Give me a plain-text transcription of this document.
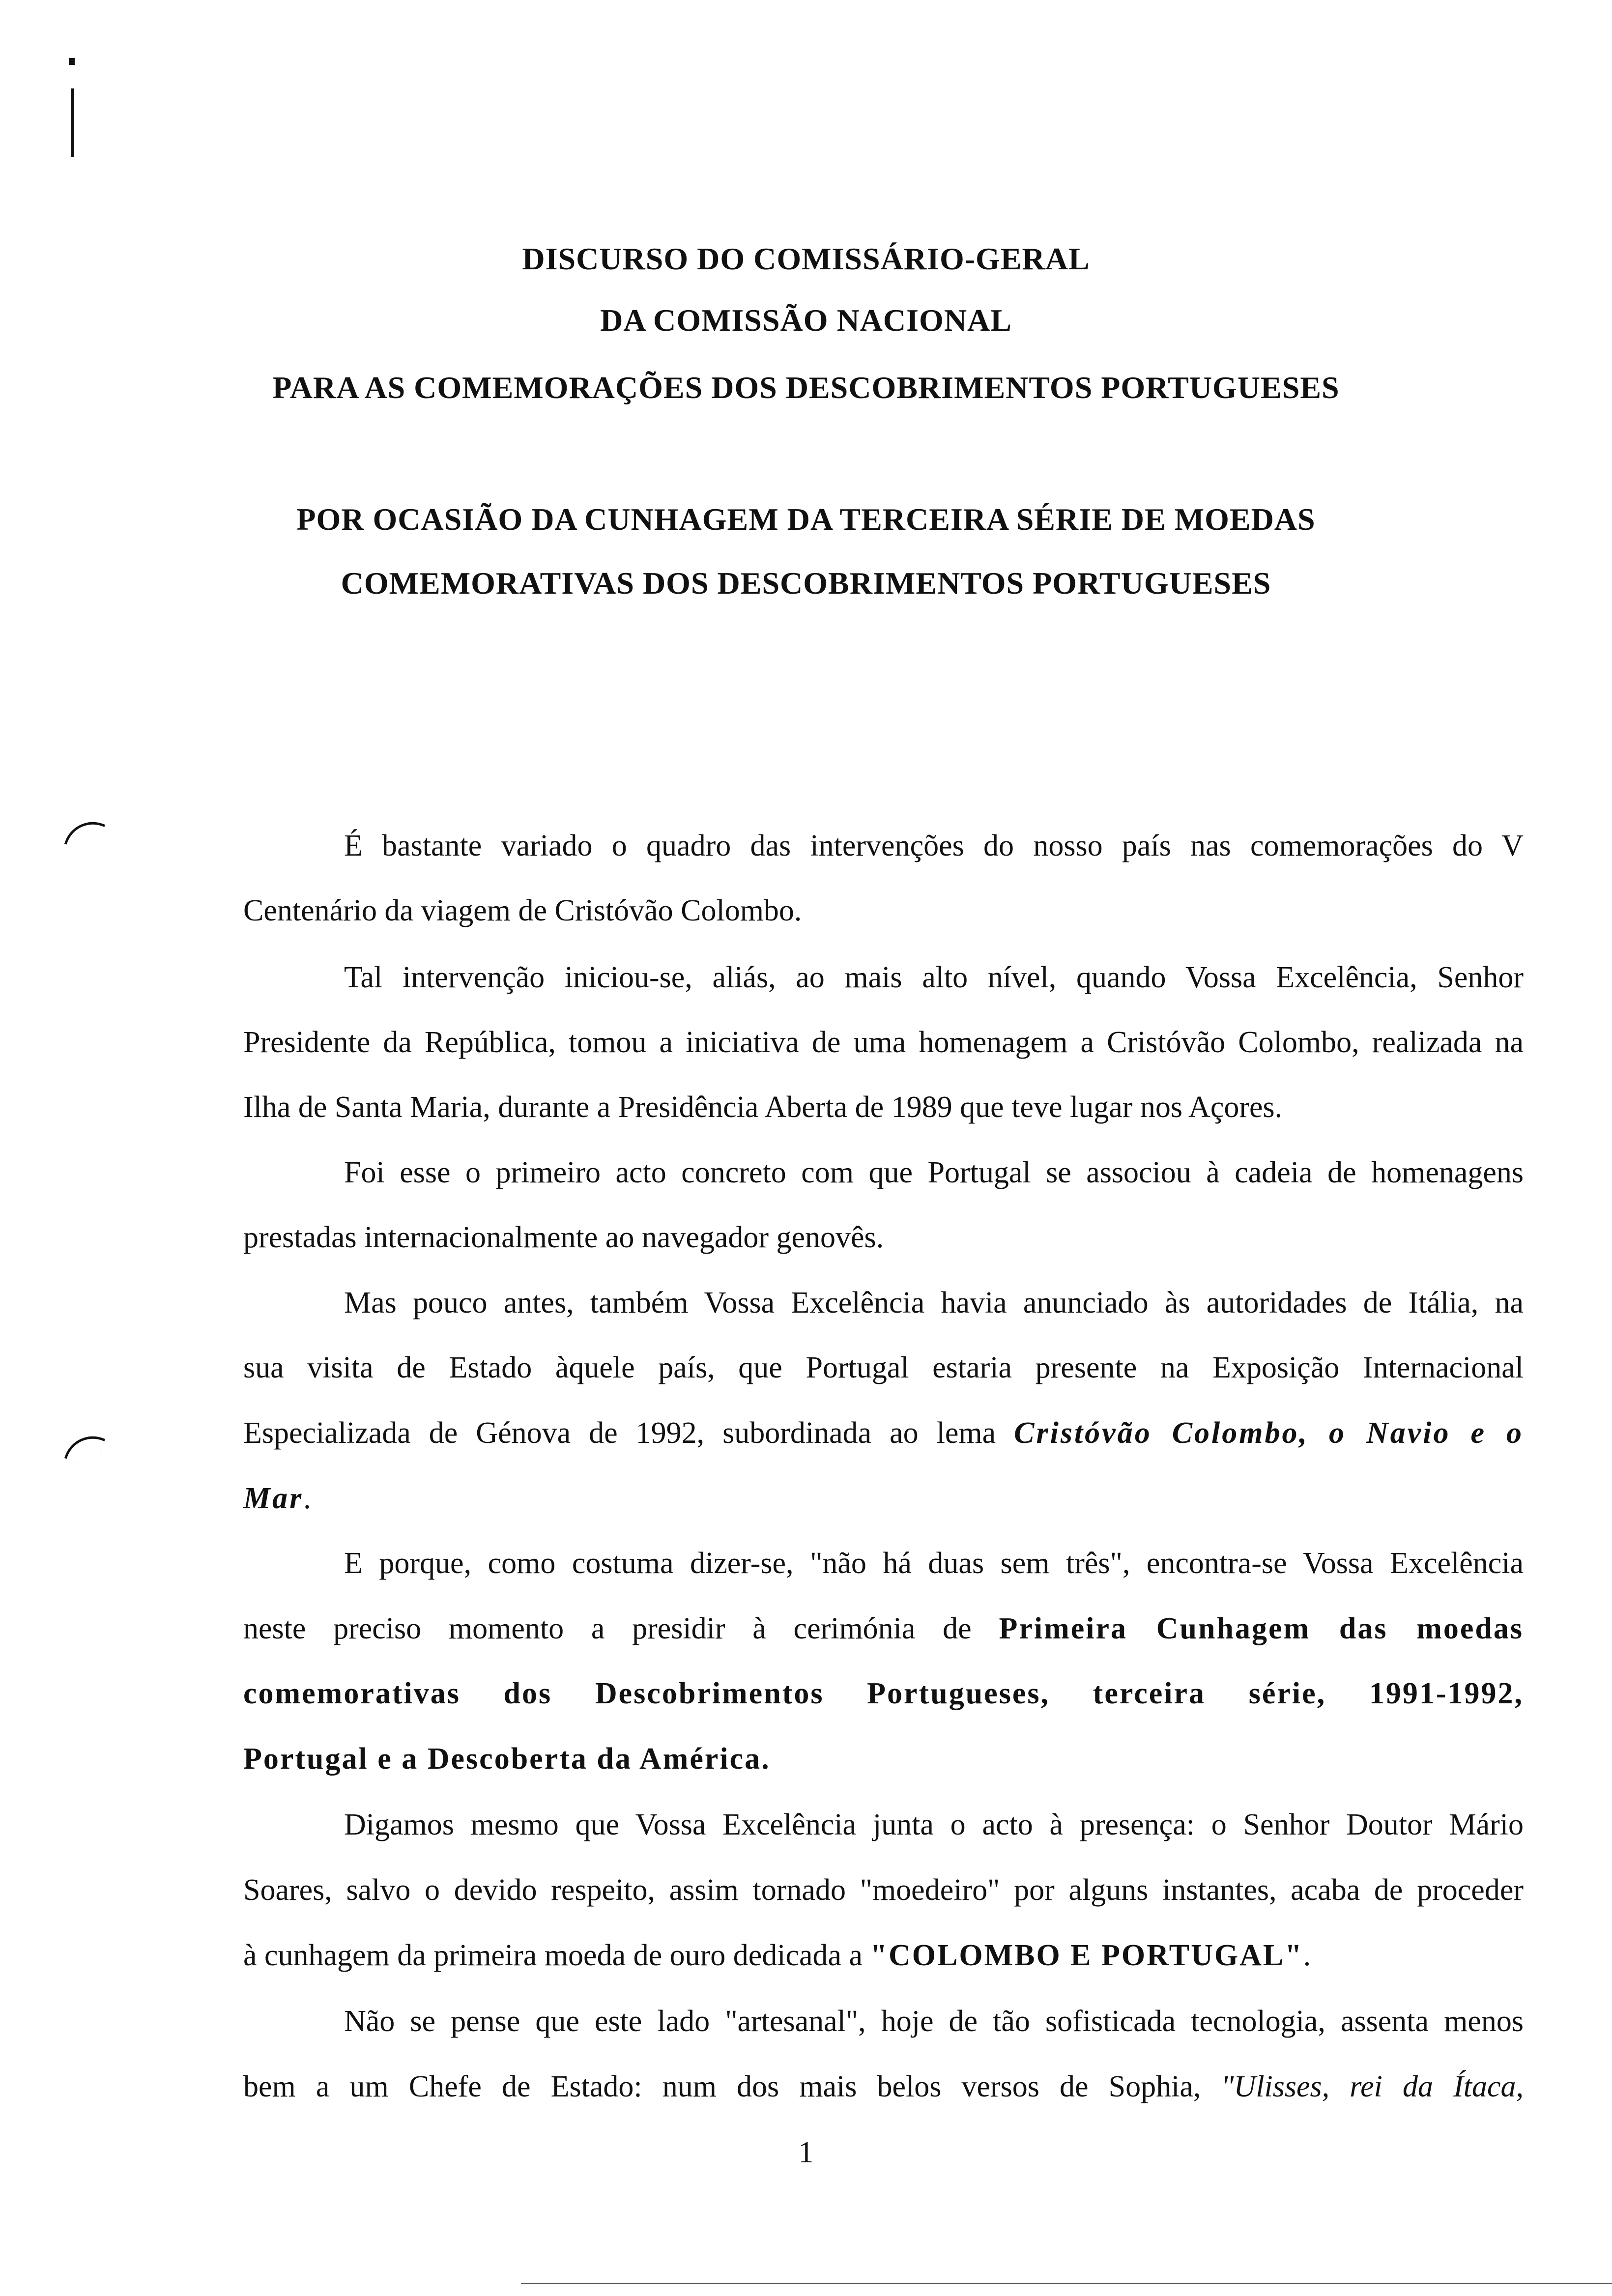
DISCURSO DO COMISSÁRIO-GERAL
DA COMISSÃO NACIONAL
PARA AS COMEMORAÇÕES DOS DESCOBRIMENTOS PORTUGUESES
POR OCASIÃO DA CUNHAGEM DA TERCEIRA SÉRIE DE MOEDAS
COMEMORATIVAS DOS DESCOBRIMENTOS PORTUGUESES
É bastante variado o quadro das intervenções do nosso país nas comemorações do V
Centenário da viagem de Cristóvão Colombo.
Tal intervenção iniciou-se, aliás, ao mais alto nível, quando Vossa Excelência, Senhor
Presidente da República, tomou a iniciativa de uma homenagem a Cristóvão Colombo, realizada na
Ilha de Santa Maria, durante a Presidência Aberta de 1989 que teve lugar nos Açores.
Foi esse o primeiro acto concreto com que Portugal se associou à cadeia de homenagens
prestadas internacionalmente ao navegador genovês.
Mas pouco antes, também Vossa Excelência havia anunciado às autoridades de Itália, na
sua visita de Estado àquele país, que Portugal estaria presente na Exposição Internacional
Especializada de Génova de 1992, subordinada ao lema Cristóvão Colombo, o Navio e o
Mar.
E porque, como costuma dizer-se, "não há duas sem três", encontra-se Vossa Excelência
neste preciso momento a presidir à cerimónia de Primeira Cunhagem das moedas
comemorativas dos Descobrimentos Portugueses, terceira série, 1991-1992,
Portugal e a Descoberta da América.
Digamos mesmo que Vossa Excelência junta o acto à presença: o Senhor Doutor Mário
Soares, salvo o devido respeito, assim tornado "moedeiro" por alguns instantes, acaba de proceder
à cunhagem da primeira moeda de ouro dedicada a "COLOMBO E PORTUGAL".
Não se pense que este lado "artesanal", hoje de tão sofisticada tecnologia, assenta menos
bem a um Chefe de Estado: num dos mais belos versos de Sophia, "Ulisses, rei da Ítaca,
1
